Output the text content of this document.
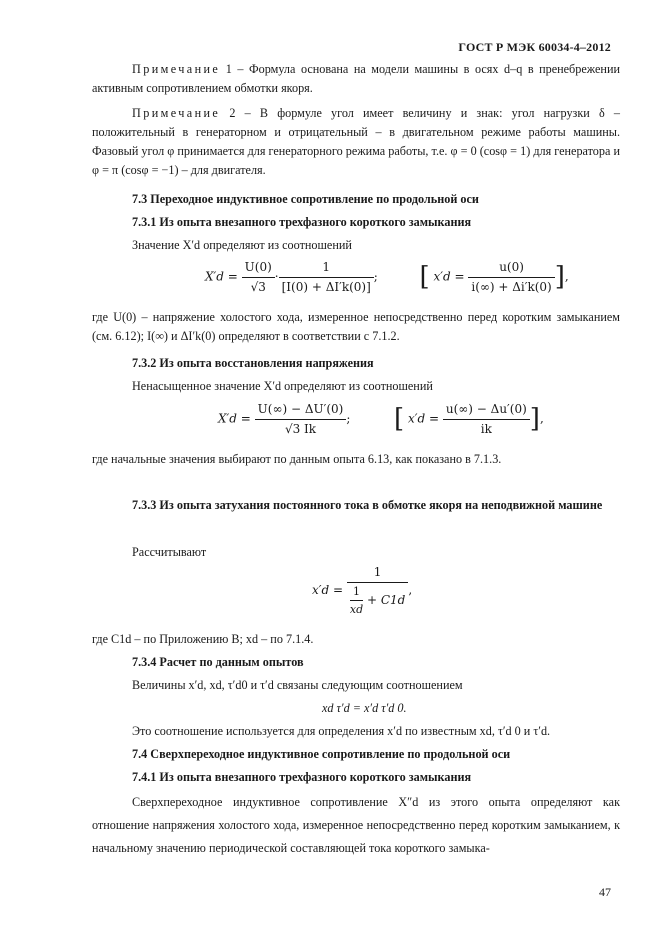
ГОСТ Р МЭК 60034-4–2012

Примечание 1 – Формула основана на модели машины в осях d–q в пренебрежении активным сопротивлением обмотки якоря.

Примечание 2 – В формуле угол имеет величину и знак: угол нагрузки δ – положительный в генераторном и отрицательный – в двигательном режиме работы машины. Фазовый угол φ принимается для генераторного режима работы, т.е. φ = 0 (cosφ = 1) для генератора и φ = π (cosφ = −1) – для двигателя.

7.3 Переходное индуктивное сопротивление по продольной оси
7.3.1 Из опыта внезапного трехфазного короткого замыкания
Значение X′d определяют из соотношений
$X'd = \frac{U(0)}{√3} \cdot \frac{1}{[I(0) + \Delta I'k(0)]}$ ; [ $x'd = \frac{u(0)}{i(\infty) + \Delta i'k(0)}$ ],

где U(0) – напряжение холостого хода, измеренное непосредственно перед коротким замыканием (см. 6.12); I(∞) и ΔI′k(0) определяют в соответствии с 7.1.2.

7.3.2 Из опыта восстановления напряжения
Ненасыщенное значение X′d определяют из соотношений
$X'd = \frac{U(\infty) - \Delta U'(0)}{√3 Ik}$ ; [ $x'd = \frac{u(\infty) - \Delta u'(0)}{ik}$ ],

где начальные значения выбирают по данным опыта 6.13, как показано в 7.1.3.

7.3.3 Из опыта затухания постоянного тока в обмотке якоря на неподвижной машине

Рассчитывают
$x'd = \frac{1}{\frac{1}{xd} + C1d}$ ,
где C1d – по Приложению B; xd – по 7.1.4.
7.3.4 Расчет по данным опытов
Величины x′d, xd, τ′d0 и τ′d связаны следующим соотношением
xd τ′d = x′d τ′d 0.
Это соотношение используется для определения x′d по известным xd, τ′d 0 и τ′d.
7.4 Сверхпереходное индуктивное сопротивление по продольной оси
7.4.1 Из опыта внезапного трехфазного короткого замыкания

Сверхпереходное индуктивное сопротивление X″d из этого опыта определяют как отношение напряжения холостого хода, измеренное непосредственно перед коротким замыканием, к начальному значению периодической составляющей тока короткого замыка-

47
